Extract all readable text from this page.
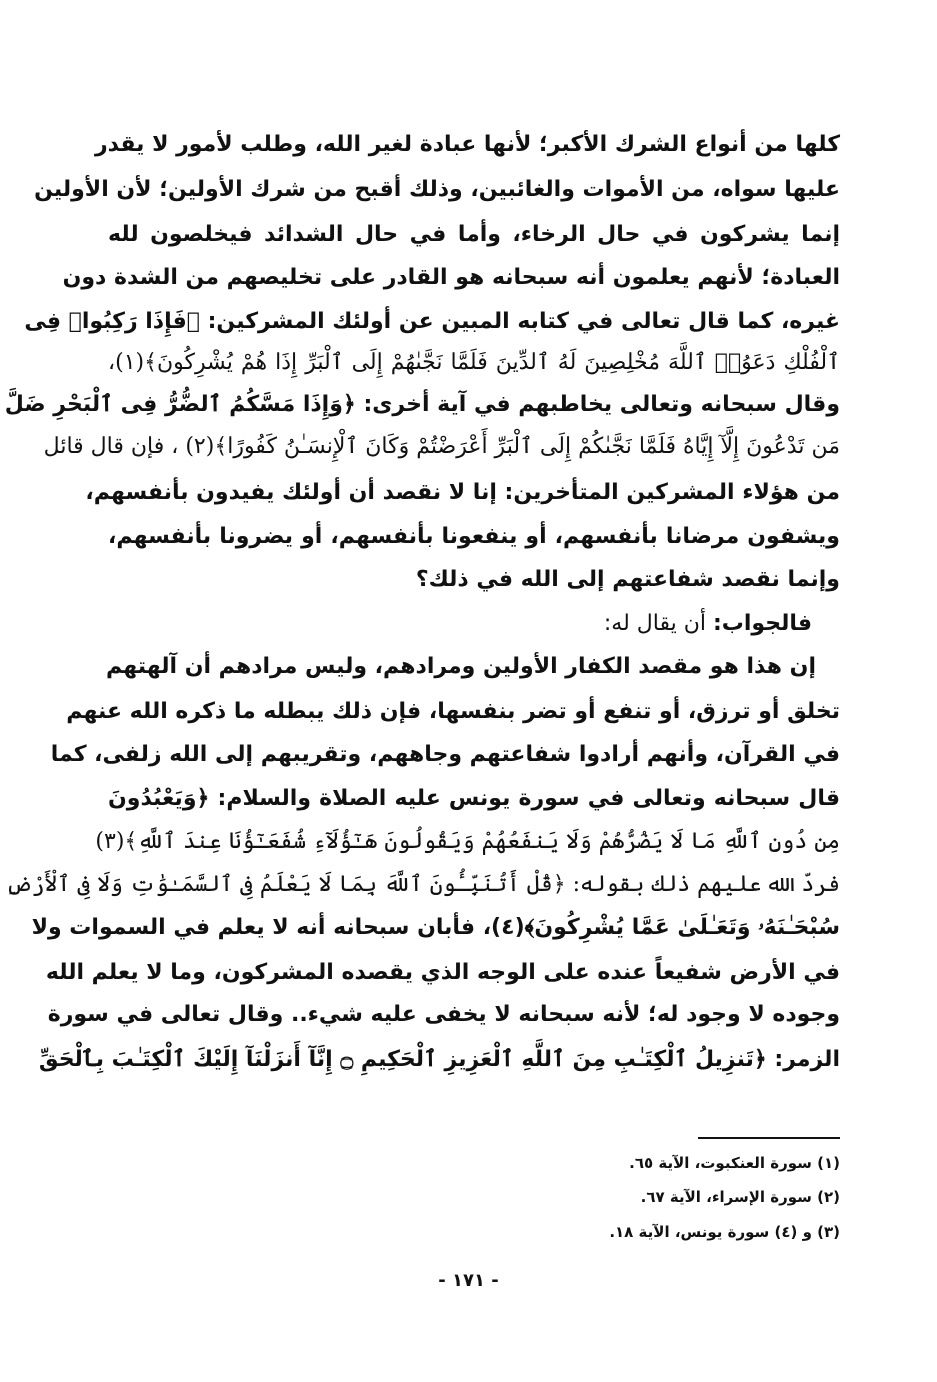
كلها من أنواع الشرك الأكبر؛ لأنها عبادة لغير الله، وطلب لأمور لا يقدر
عليها سواه، من الأموات والغائبين، وذلك أقبح من شرك الأولين؛ لأن الأولين
إنما يشركون في حال الرخاء، وأما في حال الشدائد فيخلصون لله
العبادة؛ لأنهم يعلمون أنه سبحانه هو القادر على تخليصهم من الشدة دون
غيره، كما قال تعالى في كتابه المبين عن أولئك المشركين: ﴿فَإِذَا رَكِبُوا۟ فِى
ٱلْفُلْكِ دَعَوُا۟ ٱللَّهَ مُخْلِصِينَ لَهُ ٱلدِّينَ فَلَمَّا نَجَّىٰهُمْ إِلَى ٱلْبَرِّ إِذَا هُمْ يُشْرِكُونَ﴾(١)،
وقال سبحانه وتعالى يخاطبهم في آية أخرى: ﴿وَإِذَا مَسَّكُمُ ٱلضُّرُّ فِى ٱلْبَحْرِ ضَلَّ
مَن تَدْعُونَ إِلَّآ إِيَّاهُ فَلَمَّا نَجَّىٰكُمْ إِلَى ٱلْبَرِّ أَعْرَضْتُمْ وَكَانَ ٱلْإِنسَـٰنُ كَفُورًا﴾(٢) ، فإن قال قائل
من هؤلاء المشركين المتأخرين: إنا لا نقصد أن أولئك يفيدون بأنفسهم،
ويشفون مرضانا بأنفسهم، أو ينفعونا بأنفسهم، أو يضرونا بأنفسهم،
وإنما نقصد شفاعتهم إلى الله في ذلك؟
إن هذا هو مقصد الكفار الأولين ومرادهم، وليس مرادهم أن آلهتهم
تخلق أو ترزق، أو تنفع أو تضر بنفسها، فإن ذلك يبطله ما ذكره الله عنهم
في القرآن، وأنهم أرادوا شفاعتهم وجاههم، وتقريبهم إلى الله زلفى، كما
قال سبحانه وتعالى في سورة يونس عليه الصلاة والسلام: ﴿وَيَعْبُدُونَ
مِن دُونِ ٱللَّهِ مَا لَا يَضُرُّهُمْ وَلَا يَنفَعُهُمْ وَيَقُولُونَ هَـٰٓؤُلَآءِ شُفَعَـٰٓؤُنَا عِندَ ٱللَّهِ﴾(٣)
فردّ الله عليهم ذلك بقوله: ﴿قُلْ أَتُنَبِّـُٔونَ ٱللَّهَ بِمَا لَا يَعْلَمُ فِى ٱلسَّمَـٰوَٰتِ وَلَا فِى ٱلْأَرْضِ
سُبْحَـٰنَهُۥ وَتَعَـٰلَىٰ عَمَّا يُشْرِكُونَ﴾(٤)، فأبان سبحانه أنه لا يعلم في السموات ولا
في الأرض شفيعاً عنده على الوجه الذي يقصده المشركون، وما لا يعلم الله
وجوده لا وجود له؛ لأنه سبحانه لا يخفى عليه شيء.. وقال تعالى في سورة
الزمر: ﴿تَنزِيلُ ٱلْكِتَـٰبِ مِنَ ٱللَّهِ ٱلْعَزِيزِ ٱلْحَكِيمِ ۝ إِنَّآ أَنزَلْنَآ إِلَيْكَ ٱلْكِتَـٰبَ بِٱلْحَقِّ
فالجواب: أن يقال له:
(١) سورة العنكبوت، الآية ٦٥.
(٢) سورة الإسراء، الآية ٦٧.
(٣) و (٤) سورة يونس، الآية ١٨.
- ١٧١ -
